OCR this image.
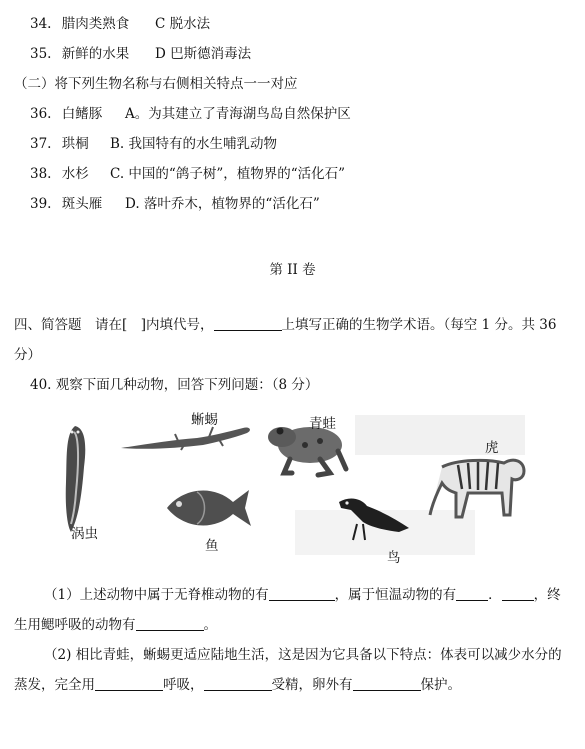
34. 腊肉类熟食 C 脱水法
35. 新鲜的水果 D 巴斯德消毒法
（二）将下列生物名称与右侧相关特点一一对应
36. 白鳍豚 A。为其建立了青海湖鸟岛自然保护区
37. 珙桐 B. 我国特有的水生哺乳动物
38. 水杉 C. 中国的“鸽子树”，植物界的“活化石”
39. 斑头雁 D. 落叶乔木，植物界的“活化石”
第 II 卷
四、简答题　请在[　]内填代号，	上填写正确的生物学术语。（每空 1 分。共 36
分）
40. 观察下面几种动物，回答下列问题：（8 分）
蜥蜴	青蛙
虎
涡虫
鱼
鸟
（1）上述动物中属于无脊椎动物的有	，属于恒温动物的有 ． ，终
生用鳃呼吸的动物有	。
（2) 相比青蛙，蜥蜴更适应陆地生活，这是因为它具备以下特点：体表可以减少水分的
蒸发，完全用	呼吸，	受精，卵外有	保护。
